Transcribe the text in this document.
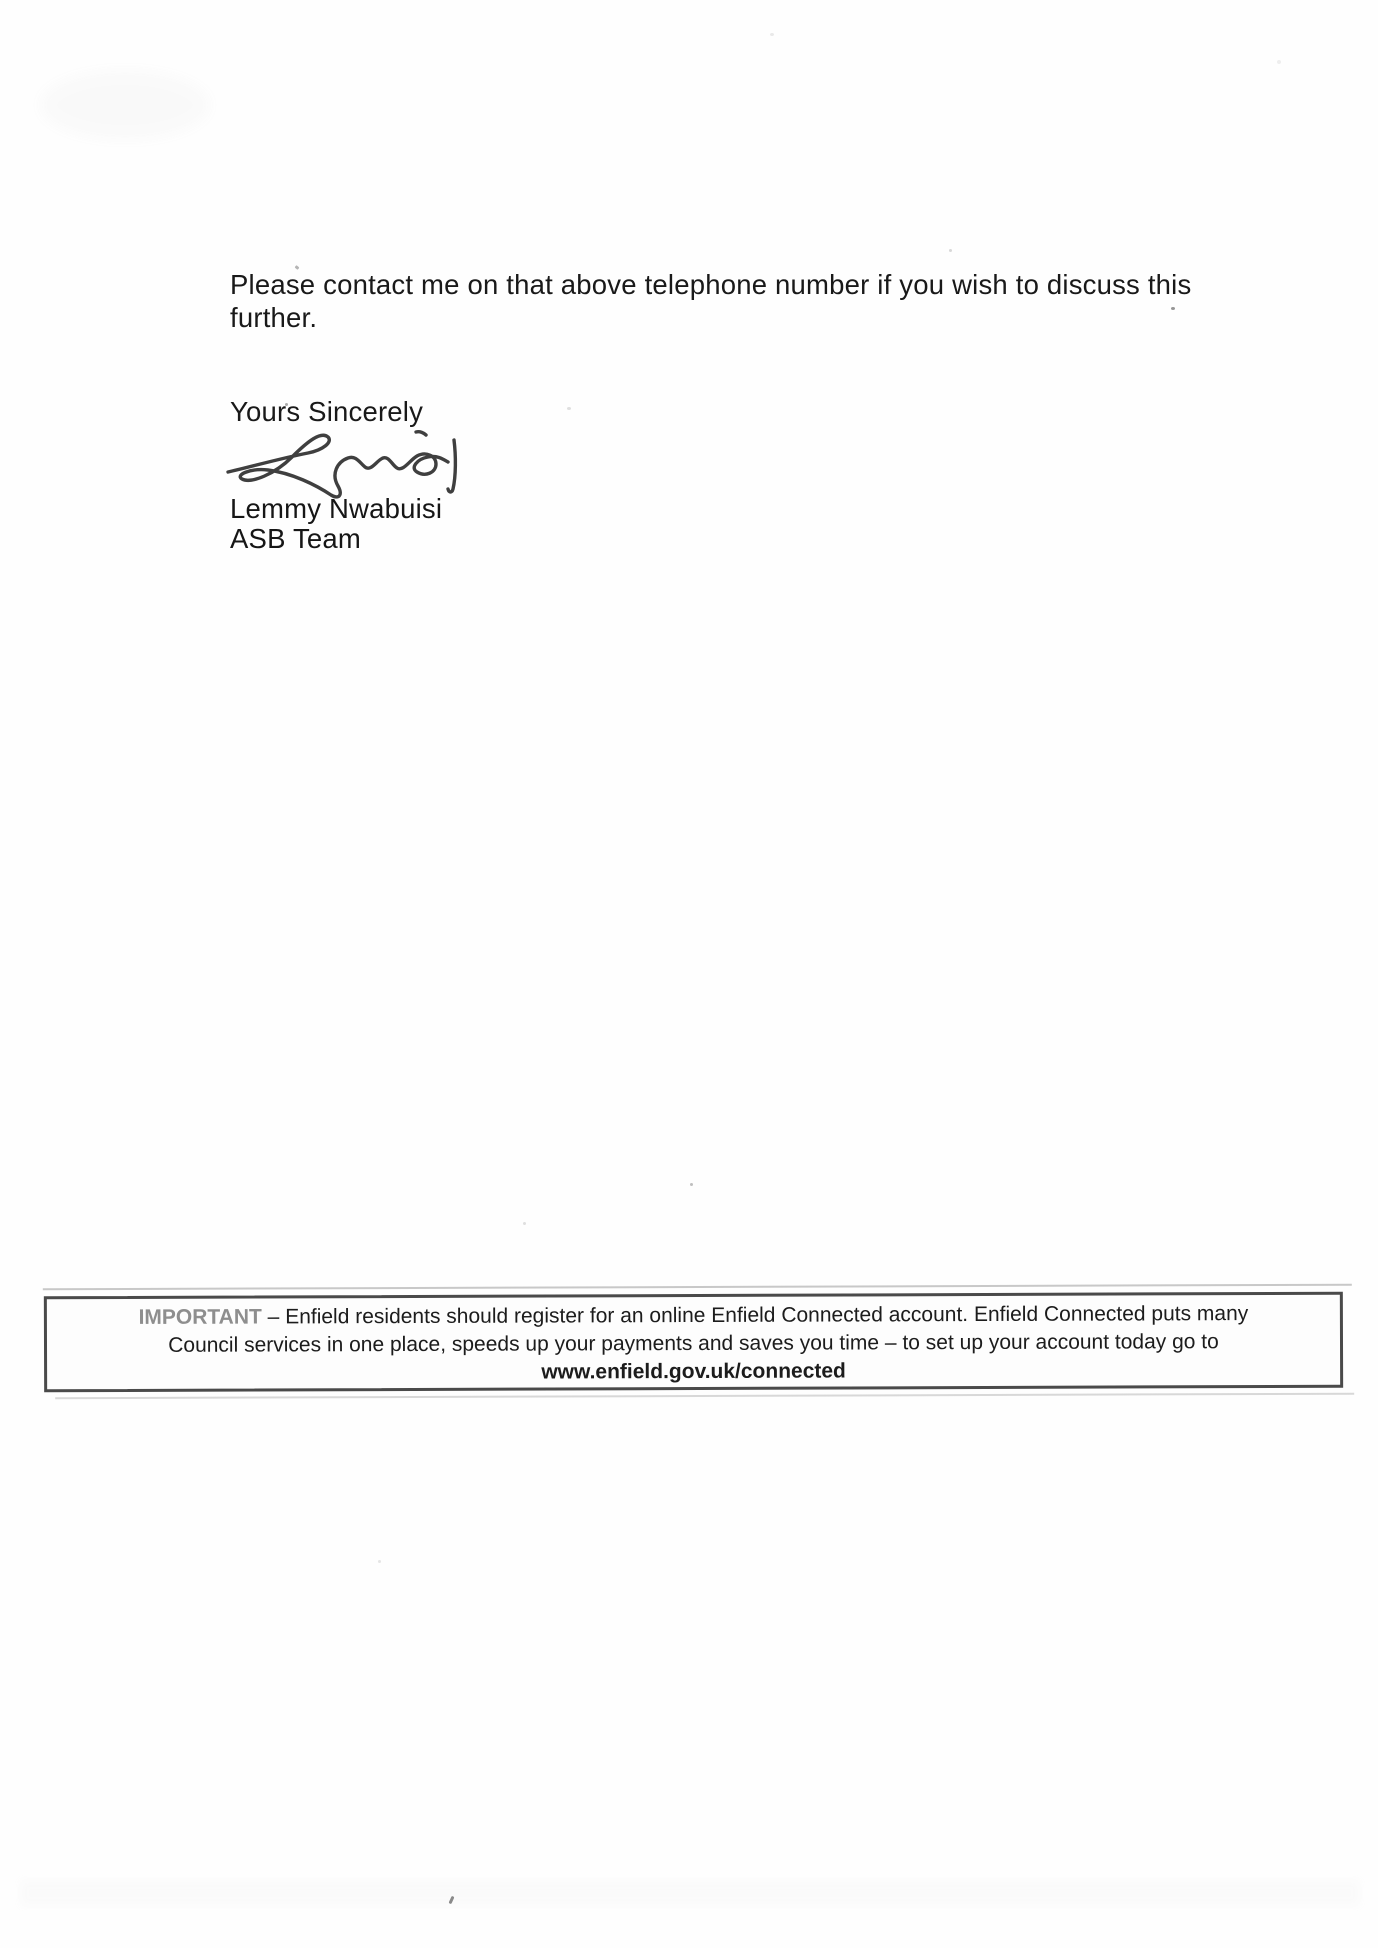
Please contact me on that above telephone number if you wish to discuss this
further.

Yours Sincerely

Lemmy Nwabuisi
ASB Team

IMPORTANT – Enfield residents should register for an online Enfield Connected account. Enfield Connected puts many
Council services in one place, speeds up your payments and saves you time – to set up your account today go to
www.enfield.gov.uk/connected
